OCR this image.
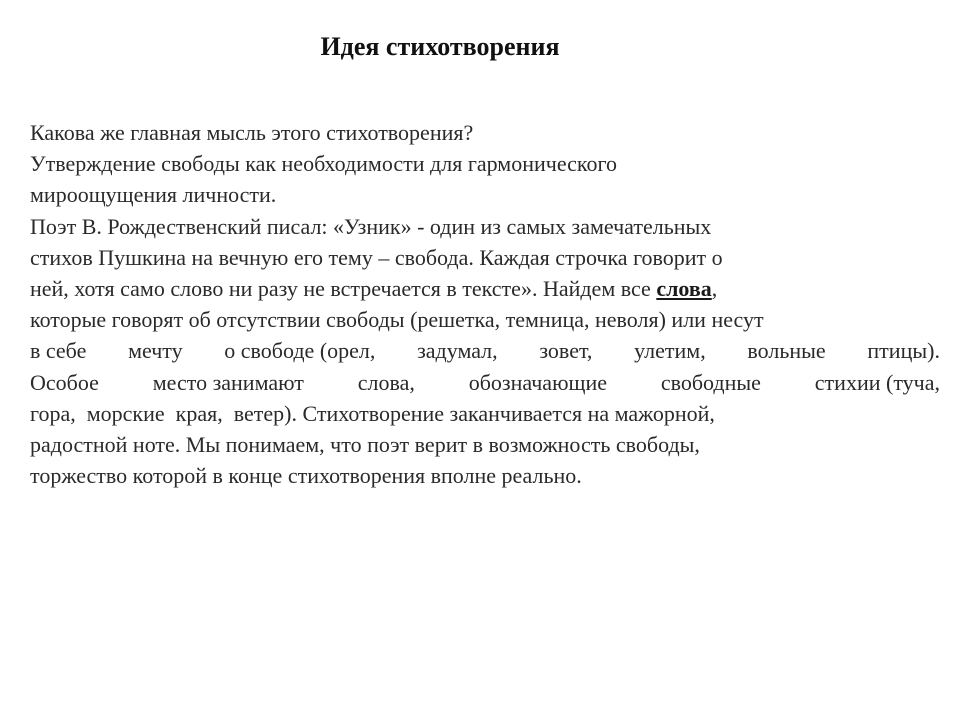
Идея стихотворения
Какова же главная мысль этого стихотворения?
Утверждение свободы как необходимости для гармонического
мироощущения личности.
Поэт В. Рождественский писал: «Узник» - один из самых замечательных
стихов Пушкина на вечную его тему – свобода. Каждая строчка говорит о
ней, хотя само слово ни разу не встречается в тексте». Найдем все слова,
которые говорят об отсутствии свободы (решетка, темница, неволя) или несут
в себе мечту о свободе (орел, задумал, зовет, улетим, вольные птицы).
Особое место занимают слова, обозначающие свободные стихии (туча,
гора,  морские  края,  ветер). Стихотворение заканчивается на мажорной,
радостной ноте. Мы понимаем, что поэт верит в возможность свободы,
торжество которой в конце стихотворения вполне реально.
